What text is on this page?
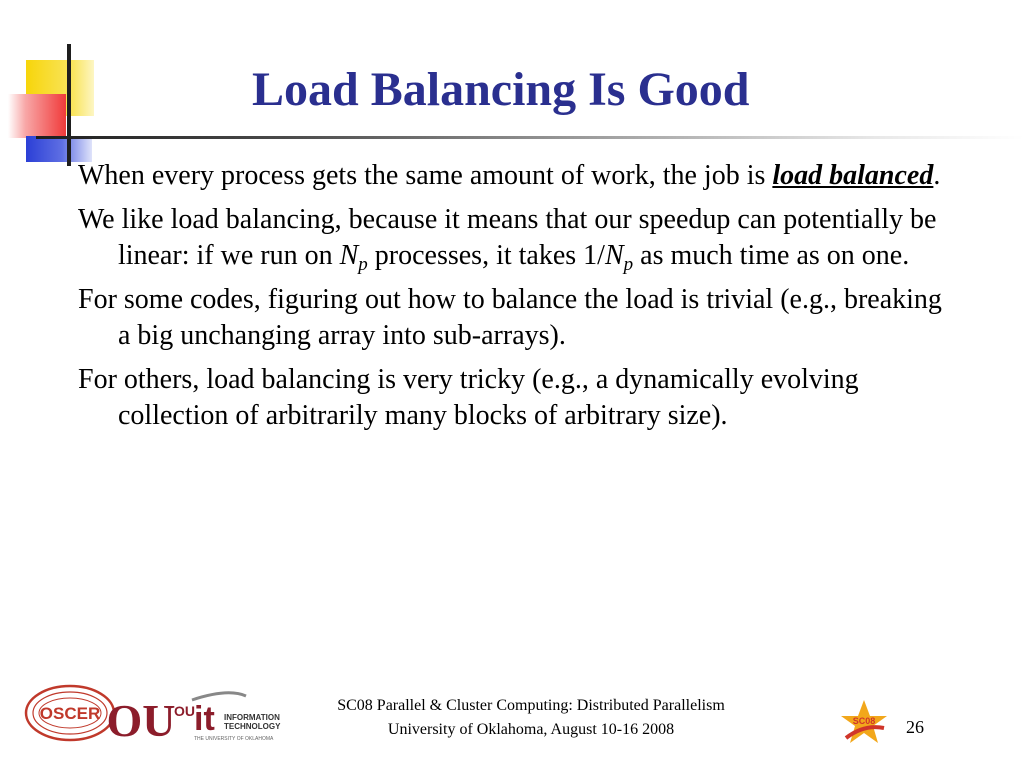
Load Balancing Is Good
When every process gets the same amount of work, the job is load balanced.
We like load balancing, because it means that our speedup can potentially be linear: if we run on $N_p$ processes, it takes $1/N_p$ as much time as on one.
For some codes, figuring out how to balance the load is trivial (e.g., breaking a big unchanging array into sub-arrays).
For others, load balancing is very tricky (e.g., a dynamically evolving collection of arbitrarily many blocks of arbitrary size).
OSCER OU
OU it INFORMATION
TECHNOLOGY
THE UNIVERSITY OF OKLAHOMA
SC08 Parallel & Cluster Computing: Distributed Parallelism
University of Oklahoma, August 10-16 2008	SC08 26
